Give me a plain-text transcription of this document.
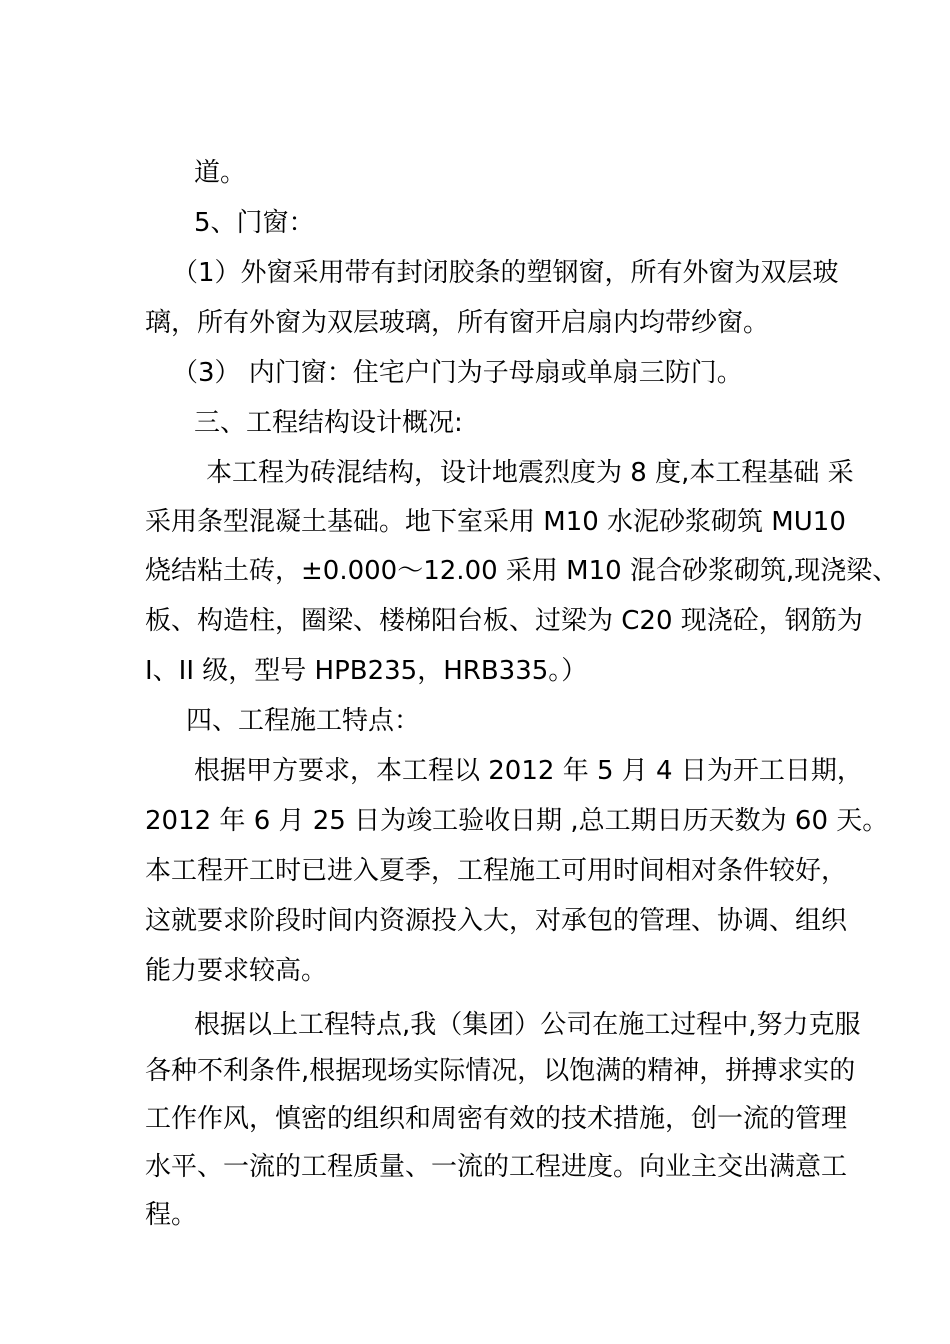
道。
5、门窗：
（1）外窗采用带有封闭胶条的塑钢窗，所有外窗为双层玻
璃，所有外窗为双层玻璃，所有窗开启扇内均带纱窗。
（3） 内门窗：住宅户门为子母扇或单扇三防门。
三、工程结构设计概况:
本工程为砖混结构，设计地震烈度为 8 度,本工程基础 采
采用条型混凝土基础。地下室采用 M10 水泥砂浆砌筑 MU10
烧结粘土砖，±0.000～12.00 采用 M10 混合砂浆砌筑,现浇梁、
板、构造柱，圈梁、楼梯阳台板、过梁为 C20 现浇砼，钢筋为
I、II 级，型号 HPB235，HRB335。）
四、工程施工特点：
根据甲方要求，本工程以 2012 年 5 月 4 日为开工日期，
2012 年 6 月 25 日为竣工验收日期 ,总工期日历天数为 60 天。
本工程开工时已进入夏季，工程施工可用时间相对条件较好，
这就要求阶段时间内资源投入大，对承包的管理、协调、组织
能力要求较高。
根据以上工程特点,我（集团）公司在施工过程中,努力克服
各种不利条件,根据现场实际情况，以饱满的精神，拼搏求实的
工作作风，慎密的组织和周密有效的技术措施，创一流的管理
水平、一流的工程质量、一流的工程进度。向业主交出满意工
程。
